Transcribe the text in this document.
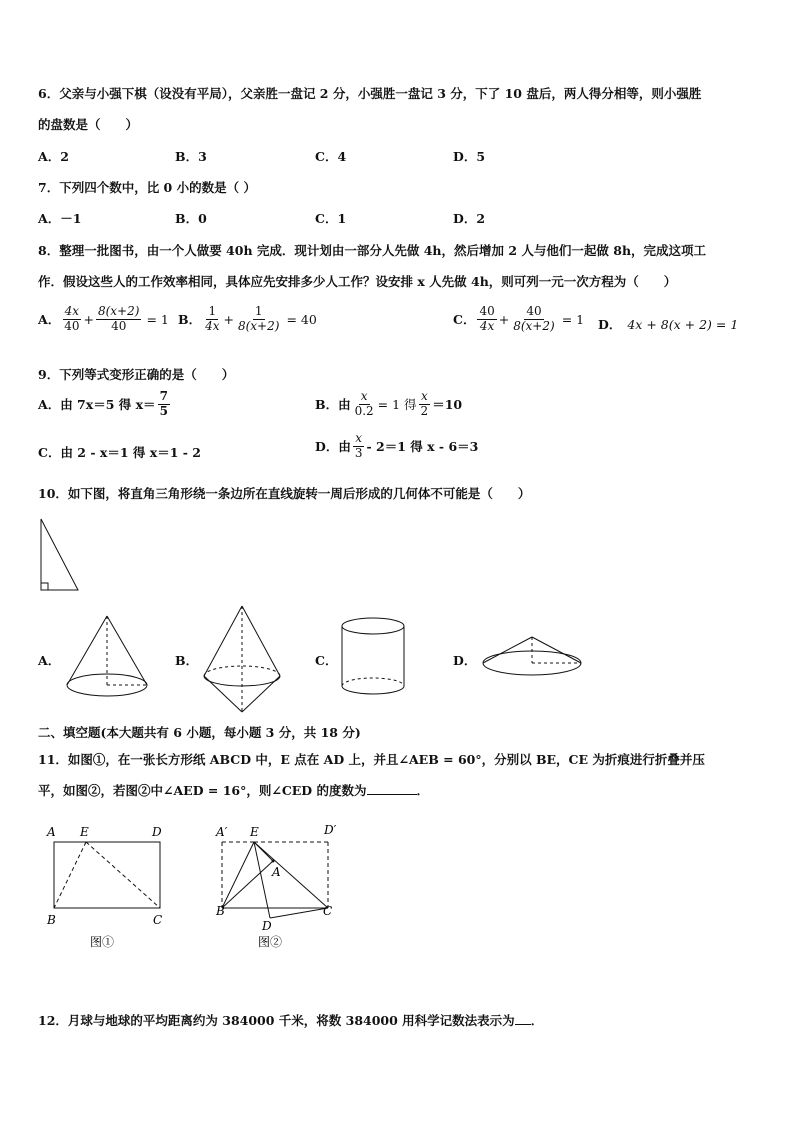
6．父亲与小强下棋（设没有平局），父亲胜一盘记 2 分，小强胜一盘记 3 分，下了 10 盘后，两人得分相等，则小强胜
的盘数是（　　）
A．2	B．3	C．4	D．5
7．下列四个数中，比 0 小的数是（ ）
A．－1	B．0	C．1	D．2
8．整理一批图书，由一个人做要 40h 完成．现计划由一部分人先做 4h，然后增加 2 人与他们一起做 8h，完成这项工
作．假设这些人的工作效率相同，具体应先安排多少人工作？设安排 x 人先做 4h，则可列一元一次方程为（　　）
A． $\frac{4x}{40} + \frac{8(x+2)}{40} = 1$ B． $\frac{1}{4x} + \frac{1}{8(x+2)} = 40$	C． $\frac{40}{4x} + \frac{40}{8(x+2)} = 1$ D． 4x + 8(x + 2) = 1
9．下列等式变形正确的是（　　）
A．由 7x＝5 得 $x= \frac{7}{5}$	B．由 $\frac{x}{0.2} = 1$ 得 $\frac{x}{2} =10$
C．由 2 - x＝1 得 x＝1 - 2	D．由 $\frac{x}{3} - 2=1$ 得 x - 6＝3
10．如下图，将直角三角形绕一条边所在直线旋转一周后形成的几何体不可能是（　　）
A．	B．	C．	D．
二、填空题(本大题共有 6 小题，每小题 3 分，共 18 分)
11．如图①，在一张长方形纸 ABCD 中，E 点在 AD 上，并且∠AEB = 60°，分别以 BE，CE 为折痕进行折叠并压
平，如图②，若图②中∠AED = 16°，则∠CED 的度数为	．
A E	D
B	C
图①
A′ E	D′
A
B	C
D
图②
12．月球与地球的平均距离约为 384000 千米，将数 384000 用科学记数法表示为 ．
